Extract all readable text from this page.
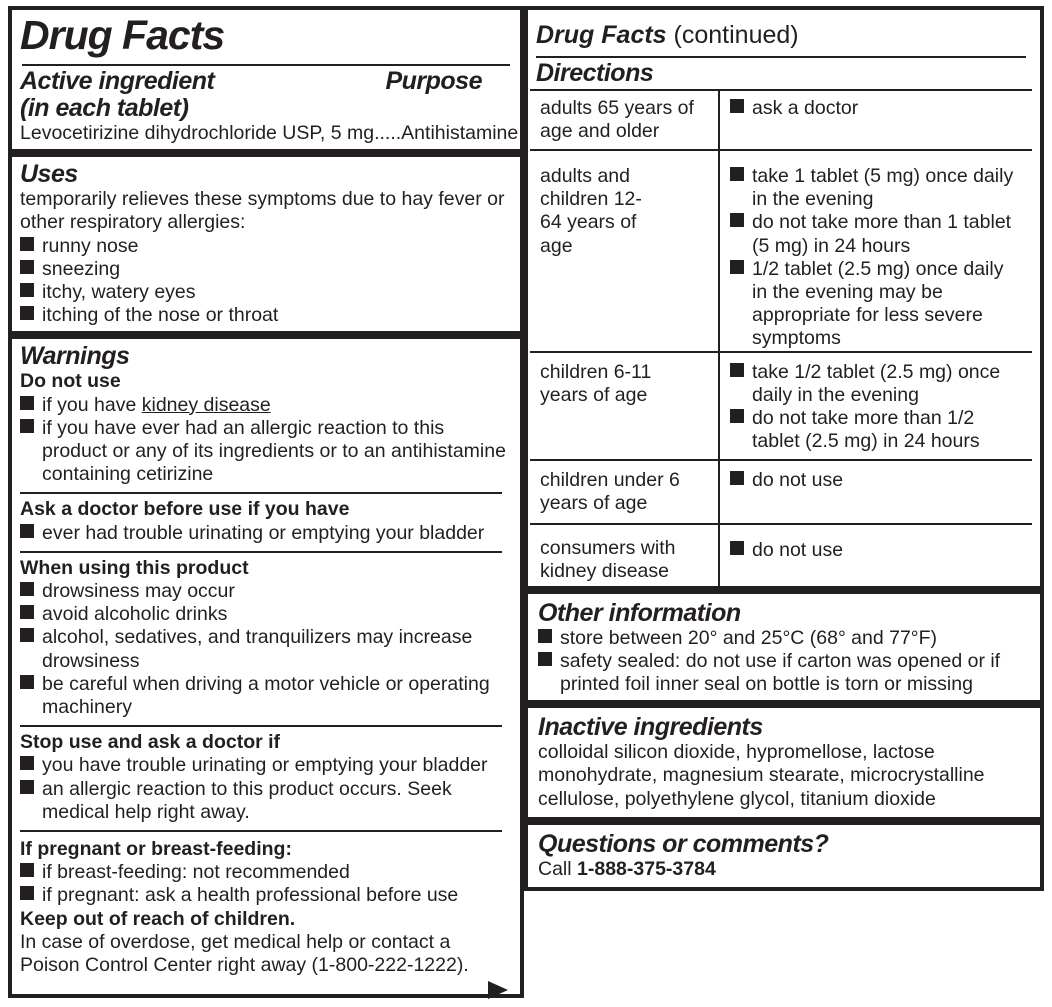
Drug Facts
Active ingredient	Purpose
(in each tablet)
Levocetirizine dihydrochloride USP, 5 mg ..... Antihistamine
Uses
temporarily relieves these symptoms due to hay fever or other respiratory allergies:
runny nose
sneezing
itchy, watery eyes
itching of the nose or throat
Warnings
Do not use
if you have kidney disease
if you have ever had an allergic reaction to this product or any of its ingredients or to an antihistamine containing cetirizine
Ask a doctor before use if you have
ever had trouble urinating or emptying your bladder
When using this product
drowsiness may occur
avoid alcoholic drinks
alcohol, sedatives, and tranquilizers may increase drowsiness
be careful when driving a motor vehicle or operating machinery
Stop use and ask a doctor if
you have trouble urinating or emptying your bladder
an allergic reaction to this product occurs. Seek medical help right away.
If pregnant or breast-feeding:
if breast-feeding: not recommended
if pregnant: ask a health professional before use
Keep out of reach of children.
In case of overdose, get medical help or contact a Poison Control Center right away (1-800-222-1222).
Drug Facts (continued)
Directions
adults 65 years of age and older	ask a doctor

adults and children 12-64 years of age	take 1 tablet (5 mg) once daily in the evening
do not take more than 1 tablet (5 mg) in 24 hours
1/2 tablet (2.5 mg) once daily in the evening may be appropriate for less severe symptoms

children 6-11 years of age	take 1/2 tablet (2.5 mg) once daily in the evening
do not take more than 1/2 tablet (2.5 mg) in 24 hours

children under 6 years of age	do not use

consumers with kidney disease	do not use
Other information
store between 20° and 25°C (68° and 77°F)
safety sealed: do not use if carton was opened or if printed foil inner seal on bottle is torn or missing
Inactive ingredients
colloidal silicon dioxide, hypromellose, lactose monohydrate, magnesium stearate, microcrystalline cellulose, polyethylene glycol, titanium dioxide
Questions or comments?
Call 1-888-375-3784
